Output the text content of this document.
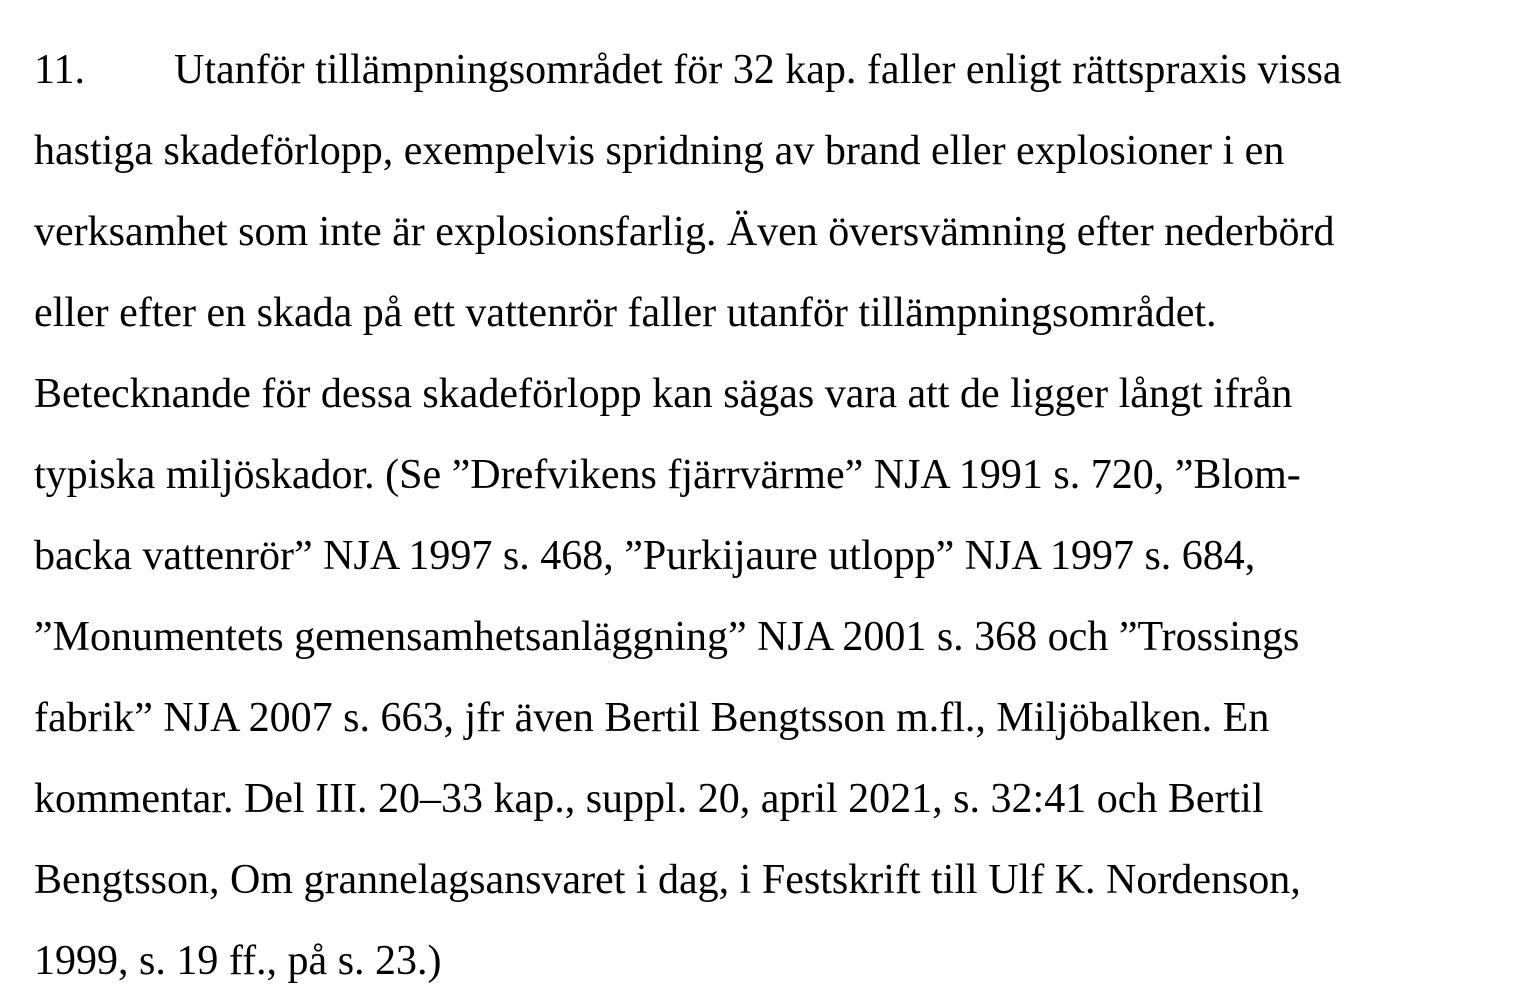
11. Utanför tillämpningsområdet för 32 kap. faller enligt rättspraxis vissa
hastiga skadeförlopp, exempelvis spridning av brand eller explosioner i en
verksamhet som inte är explosionsfarlig. Även översvämning efter nederbörd
eller efter en skada på ett vattenrör faller utanför tillämpningsområdet.
Betecknande för dessa skadeförlopp kan sägas vara att de ligger långt ifrån
typiska miljöskador. (Se ”Drefvikens fjärrvärme” NJA 1991 s. 720, ”Blom-
backa vattenrör” NJA 1997 s. 468, ”Purkijaure utlopp” NJA 1997 s. 684,
”Monumentets gemensamhetsanläggning” NJA 2001 s. 368 och ”Trossings
fabrik” NJA 2007 s. 663, jfr även Bertil Bengtsson m.fl., Miljöbalken. En
kommentar. Del III. 20–33 kap., suppl. 20, april 2021, s. 32:41 och Bertil
Bengtsson, Om grannelagsansvaret i dag, i Festskrift till Ulf K. Nordenson,
1999, s. 19 ff., på s. 23.)
